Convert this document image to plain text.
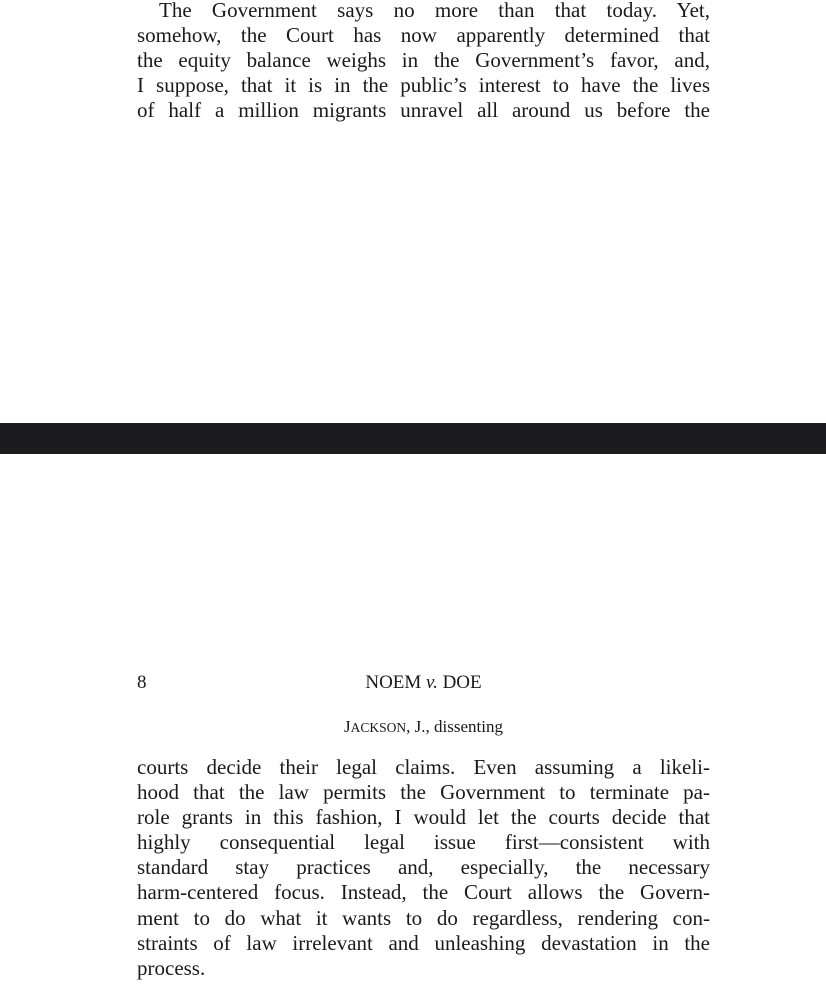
The Government says no more than that today. Yet,
somehow, the Court has now apparently determined that
the equity balance weighs in the Government’s favor, and,
I suppose, that it is in the public’s interest to have the lives
of half a million migrants unravel all around us before the
8	NOEM v. DOE
JACKSON, J., dissenting
courts decide their legal claims. Even assuming a likeli-
hood that the law permits the Government to terminate pa-
role grants in this fashion, I would let the courts decide that
highly consequential legal issue first—consistent with
standard stay practices and, especially, the necessary
harm-centered focus. Instead, the Court allows the Govern-
ment to do what it wants to do regardless, rendering con-
straints of law irrelevant and unleashing devastation in the
process.
